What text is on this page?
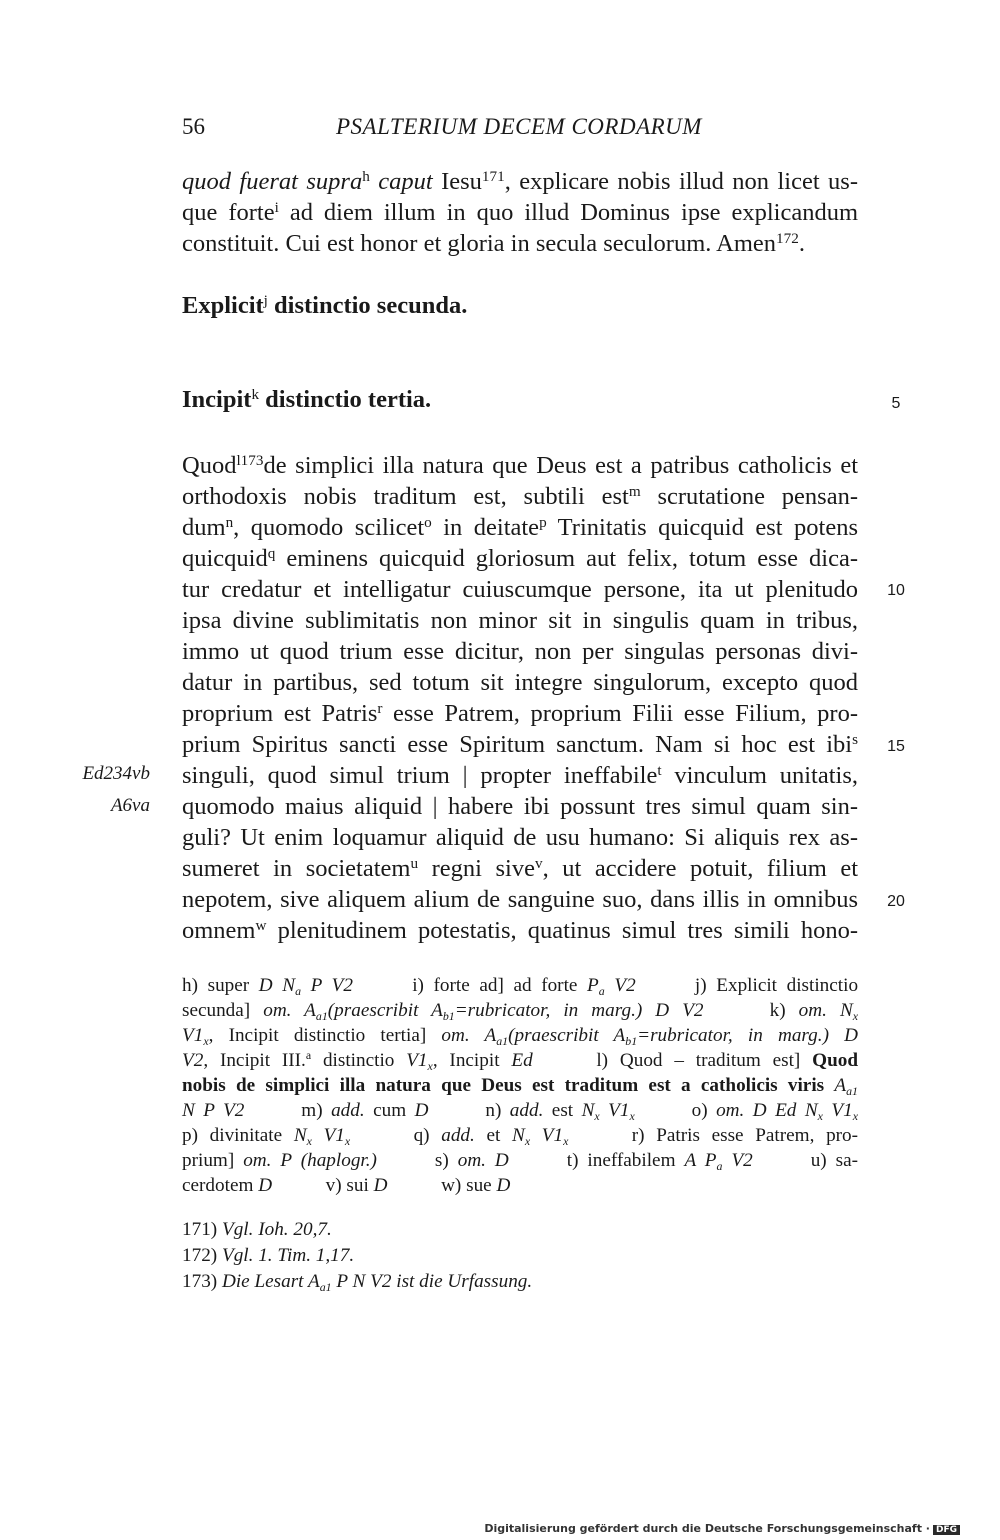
56	PSALTERIUM DECEM CORDARUM
quod fuerat supra$^h$ caput Iesu$^{171}$, explicare nobis illud non licet us-
que forte$^i$ ad diem illum in quo illud Dominus ipse explicandum
constituit. Cui est honor et gloria in secula seculorum. Amen$^{172}$.
Explicit$^j$ distinctio secunda.
Incipit$^k$ distinctio tertia.	5
Quod$^{l173}$de simplici illa natura que Deus est a patribus catholicis et
orthodoxis nobis traditum est, subtili est$^m$ scrutatione pensan-
dum$^n$, quomodo scilicet$^o$ in deitate$^p$ Trinitatis quicquid est potens
quicquid$^q$ eminens quicquid gloriosum aut felix, totum esse dica-
tur credatur et intelligatur cuiuscumque persone, ita ut plenitudo	10
ipsa divine sublimitatis non minor sit in singulis quam in tribus,
immo ut quod trium esse dicitur, non per singulas personas divi-
datur in partibus, sed totum sit integre singulorum, excepto quod
proprium est Patris$^r$ esse Patrem, proprium Filii esse Filium, pro-
prium Spiritus sancti esse Spiritum sanctum. Nam si hoc est ibi$^s$	15
Ed234vb singuli, quod simul trium | propter ineffabile$^t$ vinculum unitatis,
A6va quomodo maius aliquid | habere ibi possunt tres simul quam sin-
guli? Ut enim loquamur aliquid de usu humano: Si aliquis rex as-
sumeret in societatem$^u$ regni sive$^v$, ut accidere potuit, filium et
nepotem, sive aliquem alium de sanguine suo, dans illis in omnibus	20
omnem$^w$ plenitudinem potestatis, quatinus simul tres simili hono-
h) super D $N_a$ P V2	i) forte ad] ad forte $P_a$ V2	j) Explicit distinctio
secunda] om. $A_{a1}(praescribit$ $A_{b1}=rubricator$, in marg.) D V2	k) om. $N_x$
$V1_x$, Incipit distinctio tertia] om. $A_{a1}(praescribit$ $A_{b1}=rubricator$, in marg.) D
V2, Incipit III.$^a$ distinctio $V1_x$, Incipit Ed	l) Quod – traditum est] Quod
nobis de simplici illa natura que Deus est traditum est a catholicis viris $A_{a1}$
N P V2	m) add. cum D	n) add. est $N_x$ $V1_x$	o) om. D Ed $N_x$ $V1_x$
p) divinitate $N_x$ $V1_x$	q) add. et $N_x$ $V1_x$	r) Patris esse Patrem, pro-
prium] om. P (haplogr.)	s) om. D	t) ineffabilem A $P_a$ V2	u) sa-
cerdotem D	v) sui D	w) sue D
171) Vgl. Ioh. 20,7.
172) Vgl. 1. Tim. 1,17.
173) Die Lesart $A_{a1}$ P N V2 ist die Urfassung.
Digitalisierung gefördert durch die Deutsche Forschungsgemeinschaft · DFG
